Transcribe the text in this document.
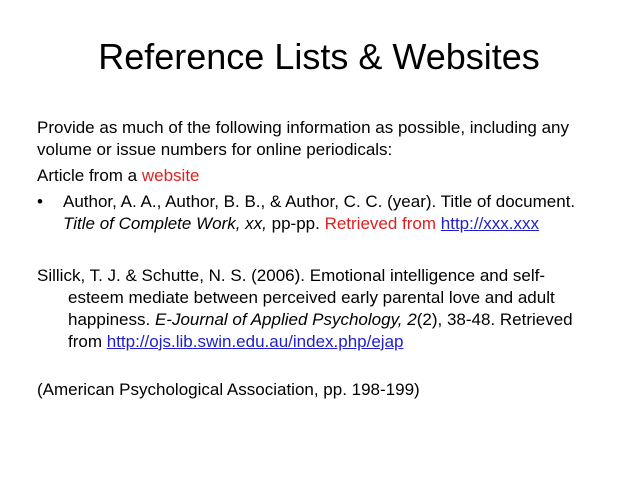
Reference Lists & Websites
Provide as much of the following information as possible, including any
volume or issue numbers for online periodicals:
Article from a website
• Author, A. A., Author, B. B., & Author, C. C. (year). Title of document.
Title of Complete Work, xx, pp-pp. Retrieved from http://xxx.xxx
Sillick, T. J. & Schutte, N. S. (2006). Emotional intelligence and self-
esteem mediate between perceived early parental love and adult
happiness. E-Journal of Applied Psychology, 2(2), 38-48. Retrieved
from http://ojs.lib.swin.edu.au/index.php/ejap
(American Psychological Association, pp. 198-199)
